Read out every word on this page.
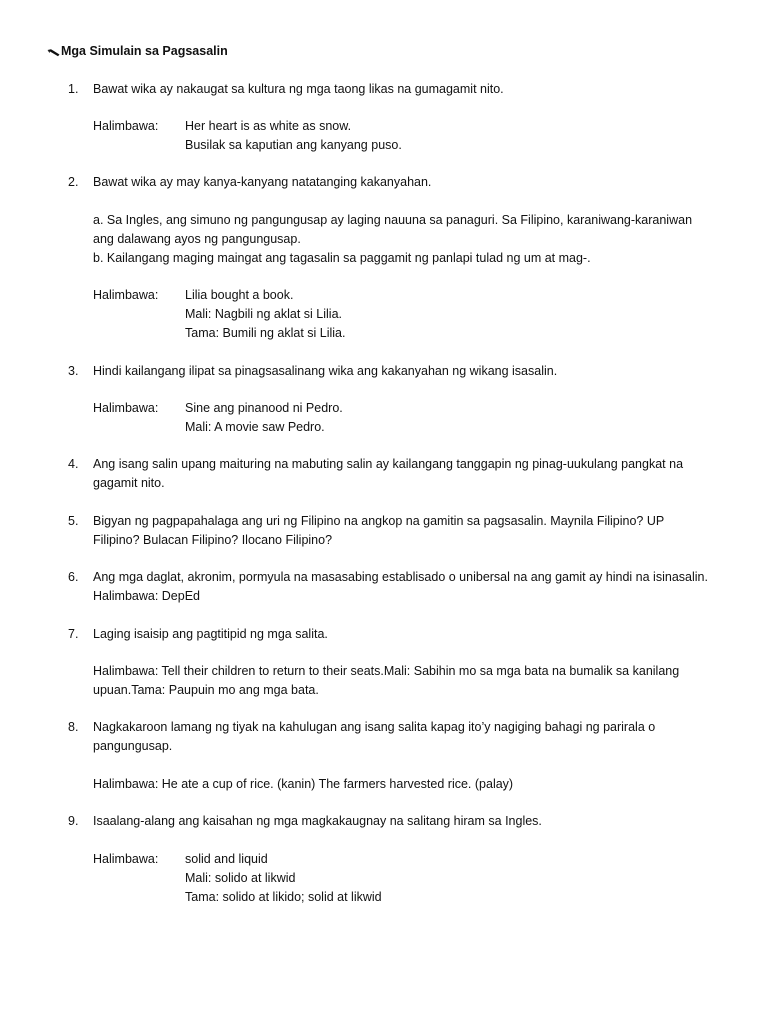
Mga Simulain sa Pagsasalin
1.	Bawat wika ay nakaugat sa kultura ng mga taong likas na gumagamit nito.

Halimbawa: Her heart is as white as snow.
Busilak sa kaputian ang kanyang puso.
2.	Bawat wika ay may kanya-kanyang natatanging kakanyahan.

a. Sa Ingles, ang simuno ng pangungusap ay laging nauuna sa panaguri. Sa Filipino, karaniwang-karaniwan ang dalawang ayos ng pangungusap.
b. Kailangang maging maingat ang tagasalin sa paggamit ng panlapi tulad ng um at mag-.
Halimbawa: Lilia bought a book.
Mali: Nagbili ng aklat si Lilia.
Tama: Bumili ng aklat si Lilia.
3.	Hindi kailangang ilipat sa pinagsasalinang wika ang kakanyahan ng wikang isasalin.

Halimbawa: Sine ang pinanood ni Pedro.
Mali: A movie saw Pedro.
4.	Ang isang salin upang maituring na mabuting salin ay kailangang tanggapin ng pinag-uukulang pangkat na gagamit nito.

5.	Bigyan ng pagpapahalaga ang uri ng Filipino na angkop na gamitin sa pagsasalin. Maynila Filipino? UP Filipino? Bulacan Filipino? Ilocano Filipino?

6.	Ang mga daglat, akronim, pormyula na masasabing establisado o unibersal na ang gamit ay hindi na isinasalin. Halimbawa: DepEd

7.	Laging isaisip ang pagtitipid ng mga salita.

Halimbawa: Tell their children to return to their seats.Mali: Sabihin mo sa mga bata na bumalik sa kanilang upuan.Tama: Paupuin mo ang mga bata.
8.	Nagkakaroon lamang ng tiyak na kahulugan ang isang salita kapag ito’y nagiging bahagi ng parirala o pangungusap.

Halimbawa: He ate a cup of rice. (kanin) The farmers harvested rice. (palay)
9.	Isaalang-alang ang kaisahan ng mga magkakaugnay na salitang hiram sa Ingles.

Halimbawa: solid and liquid
Mali: solido at likwid
Tama: solido at likido; solid at likwid
